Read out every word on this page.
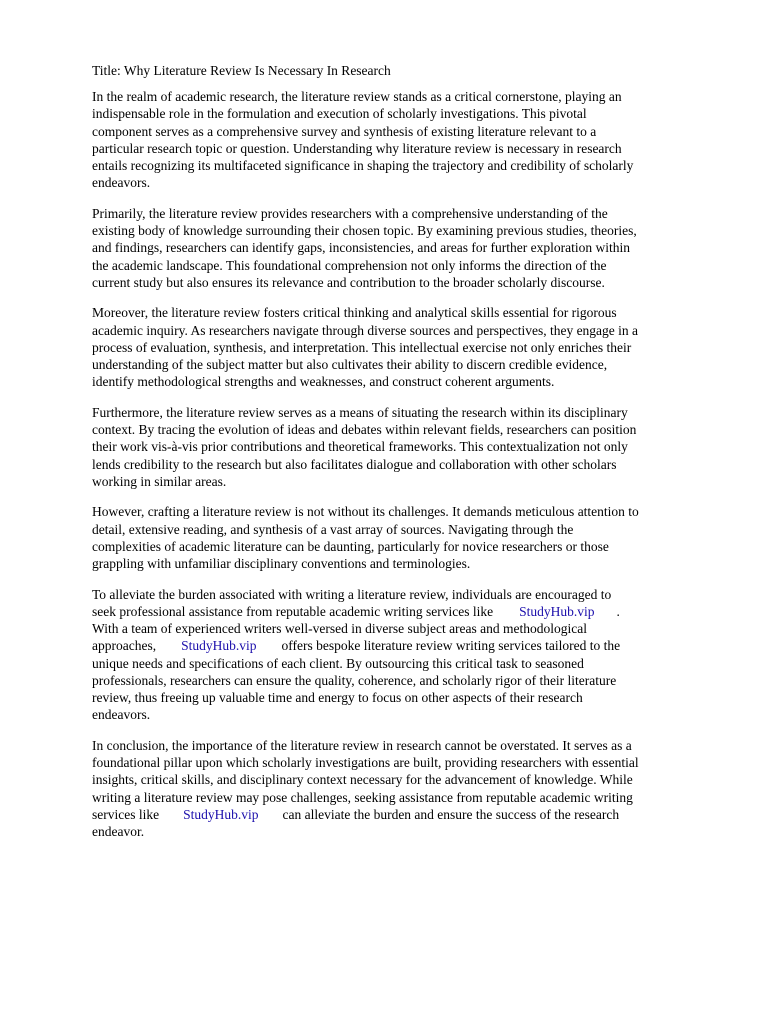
Title: Why Literature Review Is Necessary In Research
In the realm of academic research, the literature review stands as a critical cornerstone, playing an
indispensable role in the formulation and execution of scholarly investigations. This pivotal
component serves as a comprehensive survey and synthesis of existing literature relevant to a
particular research topic or question. Understanding why literature review is necessary in research
entails recognizing its multifaceted significance in shaping the trajectory and credibility of scholarly
endeavors.
Primarily, the literature review provides researchers with a comprehensive understanding of the
existing body of knowledge surrounding their chosen topic. By examining previous studies, theories,
and findings, researchers can identify gaps, inconsistencies, and areas for further exploration within
the academic landscape. This foundational comprehension not only informs the direction of the
current study but also ensures its relevance and contribution to the broader scholarly discourse.
Moreover, the literature review fosters critical thinking and analytical skills essential for rigorous
academic inquiry. As researchers navigate through diverse sources and perspectives, they engage in a
process of evaluation, synthesis, and interpretation. This intellectual exercise not only enriches their
understanding of the subject matter but also cultivates their ability to discern credible evidence,
identify methodological strengths and weaknesses, and construct coherent arguments.
Furthermore, the literature review serves as a means of situating the research within its disciplinary
context. By tracing the evolution of ideas and debates within relevant fields, researchers can position
their work vis-à-vis prior contributions and theoretical frameworks. This contextualization not only
lends credibility to the research but also facilitates dialogue and collaboration with other scholars
working in similar areas.
However, crafting a literature review is not without its challenges. It demands meticulous attention to
detail, extensive reading, and synthesis of a vast array of sources. Navigating through the
complexities of academic literature can be daunting, particularly for novice researchers or those
grappling with unfamiliar disciplinary conventions and terminologies.
To alleviate the burden associated with writing a literature review, individuals are encouraged to
seek professional assistance from reputable academic writing services like StudyHub.vip .
With a team of experienced writers well-versed in diverse subject areas and methodological
approaches, StudyHub.vip offers bespoke literature review writing services tailored to the
unique needs and specifications of each client. By outsourcing this critical task to seasoned
professionals, researchers can ensure the quality, coherence, and scholarly rigor of their literature
review, thus freeing up valuable time and energy to focus on other aspects of their research
endeavors.
In conclusion, the importance of the literature review in research cannot be overstated. It serves as a
foundational pillar upon which scholarly investigations are built, providing researchers with essential
insights, critical skills, and disciplinary context necessary for the advancement of knowledge. While
writing a literature review may pose challenges, seeking assistance from reputable academic writing
services like StudyHub.vip can alleviate the burden and ensure the success of the research
endeavor.
